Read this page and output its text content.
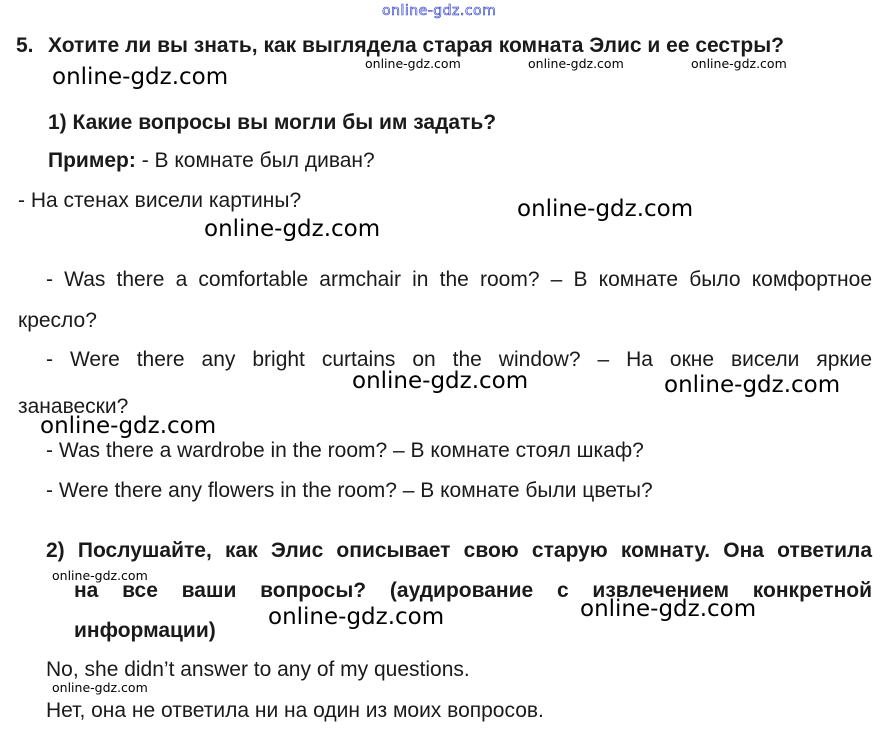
online-gdz.com
5. Хотите ли вы знать, как выглядела старая комната Элис и ее сестры?
online-gdz.com
online-gdz.com	online-gdz.com	online-gdz.com
1) Какие вопросы вы могли бы им задать?
Пример: - В комнате был диван?
- На стенах висели картины?	online-gdz.com
online-gdz.com
- Was there a comfortable armchair in the room? – В комнате было комфортное
кресло?
- Were there any bright curtains on the window? – На окне висели яркие
online-gdz.com	online-gdz.com
занавески?
online-gdz.com
- Was there a wardrobe in the room? – В комнате стоял шкаф?
- Were there any flowers in the room? – В комнате были цветы?
2) Послушайте, как Элис описывает свою старую комнату. Она ответила
online-gdz.com
на все ваши вопросы? (аудирование с извлечением конкретной
online-gdz.com
online-gdz.com
информации)
No, she didn’t answer to any of my questions.
online-gdz.com
Нет, она не ответила ни на один из моих вопросов.
